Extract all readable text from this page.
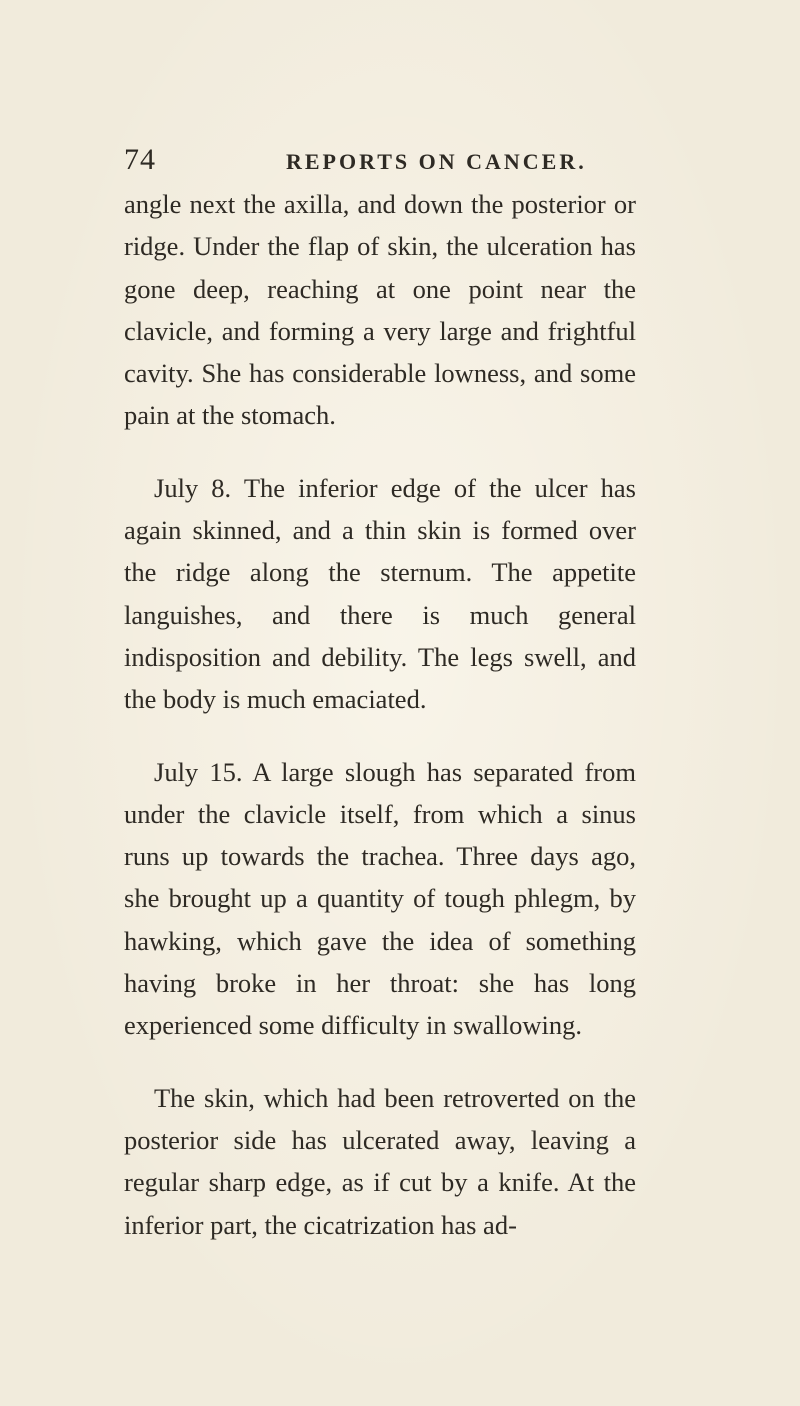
74	REPORTS ON CANCER.

angle next the axilla, and down the posterior or ridge. Under the flap of skin, the ulceration has gone deep, reaching at one point near the clavicle, and forming a very large and frightful cavity. She has considerable lowness, and some pain at the stomach.

July 8. The inferior edge of the ulcer has again skinned, and a thin skin is formed over the ridge along the sternum. The appetite languishes, and there is much general indisposition and debility. The legs swell, and the body is much emaciated.

July 15. A large slough has separated from under the clavicle itself, from which a sinus runs up towards the trachea. Three days ago, she brought up a quantity of tough phlegm, by hawking, which gave the idea of something having broke in her throat: she has long experienced some difficulty in swallowing.

The skin, which had been retroverted on the posterior side has ulcerated away, leaving a regular sharp edge, as if cut by a knife. At the inferior part, the cicatrization has ad-
